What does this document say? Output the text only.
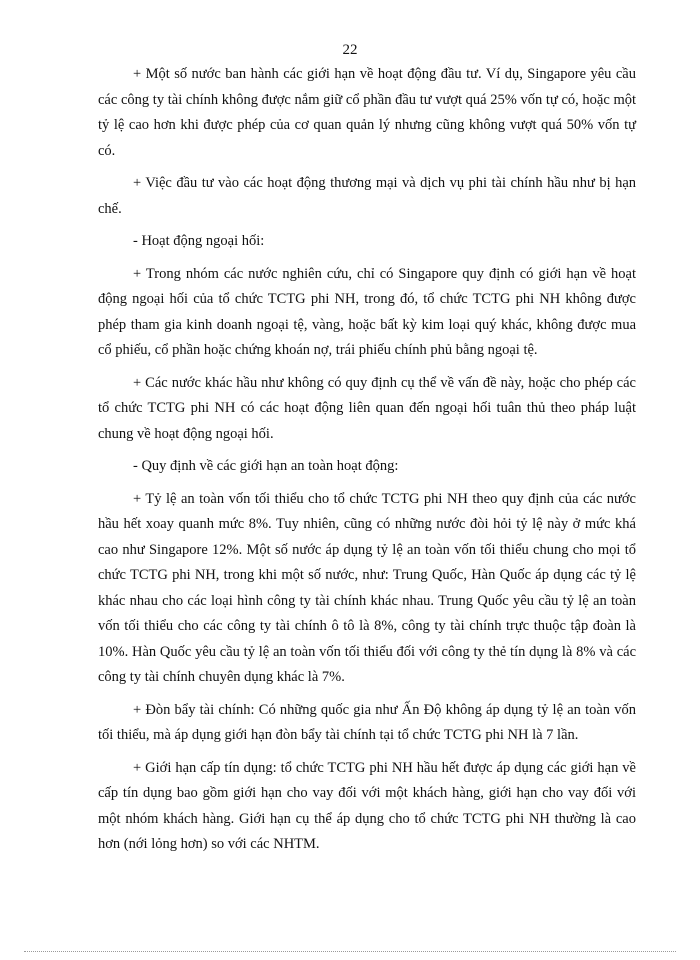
22

+ Một số nước ban hành các giới hạn về hoạt động đầu tư. Ví dụ, Singapore yêu cầu các công ty tài chính không được nắm giữ cổ phần đầu tư vượt quá 25% vốn tự có, hoặc một tỷ lệ cao hơn khi được phép của cơ quan quản lý nhưng cũng không vượt quá 50% vốn tự có.

+ Việc đầu tư vào các hoạt động thương mại và dịch vụ phi tài chính hầu như bị hạn chế.

- Hoạt động ngoại hối:

+ Trong nhóm các nước nghiên cứu, chỉ có Singapore quy định có giới hạn về hoạt động ngoại hối của tổ chức TCTG phi NH, trong đó, tổ chức TCTG phi NH không được phép tham gia kinh doanh ngoại tệ, vàng, hoặc bất kỳ kim loại quý khác, không được mua cổ phiếu, cổ phần hoặc chứng khoán nợ, trái phiếu chính phủ bằng ngoại tệ.

+ Các nước khác hầu như không có quy định cụ thể về vấn đề này, hoặc cho phép các tổ chức TCTG phi NH có các hoạt động liên quan đến ngoại hối tuân thủ theo pháp luật chung về hoạt động ngoại hối.

- Quy định về các giới hạn an toàn hoạt động:

+ Tỷ lệ an toàn vốn tối thiểu cho tổ chức TCTG phi NH theo quy định của các nước hầu hết xoay quanh mức 8%. Tuy nhiên, cũng có những nước đòi hỏi tỷ lệ này ở mức khá cao như Singapore 12%. Một số nước áp dụng tỷ lệ an toàn vốn tối thiểu chung cho mọi tổ chức TCTG phi NH, trong khi một số nước, như: Trung Quốc, Hàn Quốc áp dụng các tỷ lệ khác nhau cho các loại hình công ty tài chính khác nhau. Trung Quốc yêu cầu tỷ lệ an toàn vốn tối thiểu cho các công ty tài chính ô tô là 8%, công ty tài chính trực thuộc tập đoàn là 10%. Hàn Quốc yêu cầu tỷ lệ an toàn vốn tối thiểu đối với công ty thẻ tín dụng là 8% và các công ty tài chính chuyên dụng khác là 7%.

+ Đòn bẩy tài chính: Có những quốc gia như Ấn Độ không áp dụng tỷ lệ an toàn vốn tối thiểu, mà áp dụng giới hạn đòn bẩy tài chính tại tổ chức TCTG phi NH là 7 lần.

+ Giới hạn cấp tín dụng: tổ chức TCTG phi NH hầu hết được áp dụng các giới hạn về cấp tín dụng bao gồm giới hạn cho vay đối với một khách hàng, giới hạn cho vay đối với một nhóm khách hàng. Giới hạn cụ thể áp dụng cho tổ chức TCTG phi NH thường là cao hơn (nới lỏng hơn) so với các NHTM.
